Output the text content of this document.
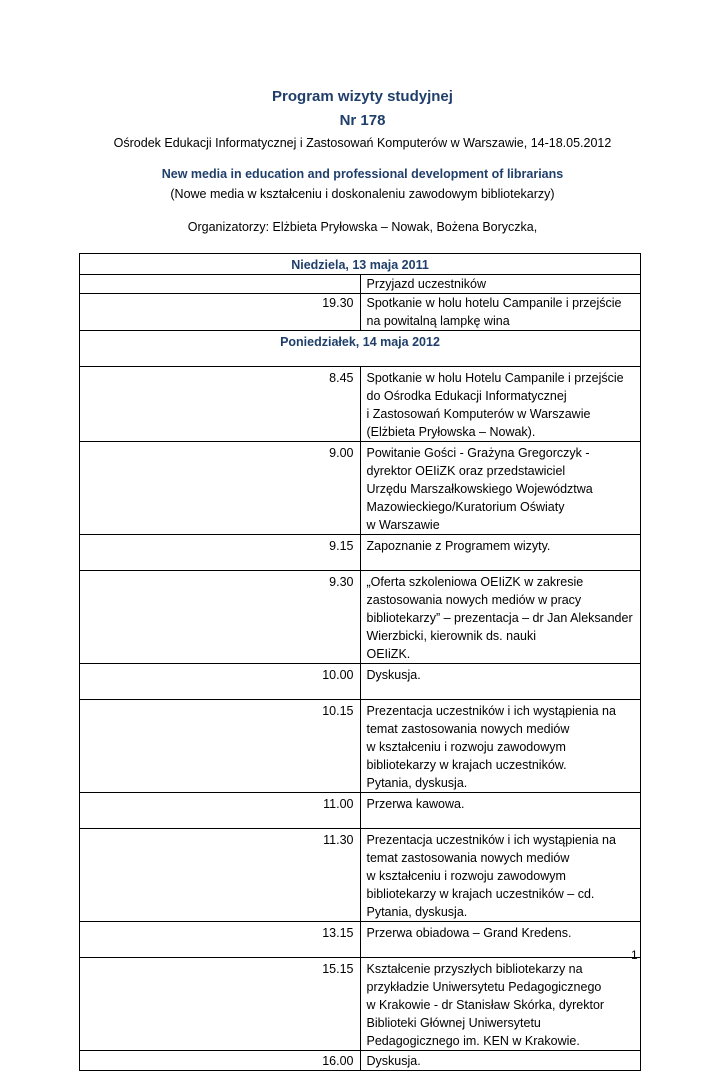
Program wizyty studyjnej
Nr 178
Ośrodek Edukacji Informatycznej i Zastosowań Komputerów w Warszawie, 14-18.05.2012
New media in education and professional development of librarians
(Nowe media w kształceniu i doskonaleniu zawodowym bibliotekarzy)
Organizatorzy: Elżbieta Pryłowska – Nowak, Bożena Boryczka,
Niedziela, 13 maja 2011	
	Przyjazd uczestników
19.30	Spotkanie w holu hotelu Campanile i przejście na powitalną lampkę wina
Poniedziałek, 14 maja 2012	
8.45	Spotkanie w holu Hotelu Campanile i przejście do Ośrodka Edukacji Informatycznej
i Zastosowań Komputerów w Warszawie (Elżbieta Pryłowska – Nowak).
9.00	Powitanie Gości - Grażyna Gregorczyk - dyrektor OEIiZK oraz przedstawiciel
Urzędu Marszałkowskiego Województwa Mazowieckiego/Kuratorium Oświaty
w Warszawie
9.15	Zapoznanie z Programem wizyty.
9.30	„Oferta szkoleniowa OEIiZK w zakresie zastosowania nowych mediów w pracy
bibliotekarzy” – prezentacja – dr Jan Aleksander Wierzbicki, kierownik ds. nauki
OEIiZK.
10.00	Dyskusja.
10.15	Prezentacja uczestników i ich wystąpienia na temat zastosowania nowych mediów
w kształceniu i rozwoju zawodowym bibliotekarzy w krajach uczestników.
Pytania, dyskusja.
11.00	Przerwa kawowa.
11.30	Prezentacja uczestników i ich wystąpienia na temat zastosowania nowych mediów
w kształceniu i rozwoju zawodowym bibliotekarzy w krajach uczestników – cd.
Pytania, dyskusja.
13.15	Przerwa obiadowa – Grand Kredens.
15.15	Kształcenie przyszłych bibliotekarzy na przykładzie Uniwersytetu Pedagogicznego
w Krakowie - dr Stanisław Skórka, dyrektor Biblioteki Głównej Uniwersytetu
Pedagogicznego im. KEN w Krakowie.
16.00	Dyskusja.
1
